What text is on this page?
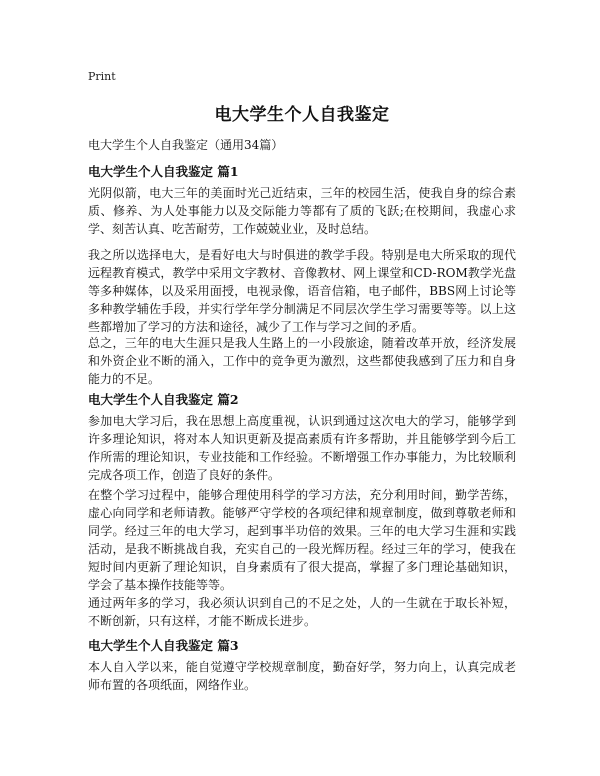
Print
电大学生个人自我鉴定
电大学生个人自我鉴定（通用34篇）
电大学生个人自我鉴定 篇1

光阴似箭，电大三年的美面时光己近结束，三年的校园生活，使我自身的综合素质、修养、为人处事能力以及交际能力等都有了质的飞跃;在校期间，我虚心求学、刻苦认真、吃苦耐劳，工作兢兢业业，及时总结。

我之所以选择电大，是看好电大与时俱进的教学手段。特别是电大所采取的现代远程教育模式，教学中采用文字教材、音像教材、网上课堂和CD-ROM教学光盘等多种媒体，以及采用面授，电视录像，语音信箱，电子邮件，BBS网上讨论等多种教学辅佐手段，并实行学年学分制满足不同层次学生学习需要等等。以上这些都增加了学习的方法和途径，减少了工作与学习之间的矛盾。

总之，三年的电大生涯只是我人生路上的一小段旅途，随着改革开放，经济发展和外资企业不断的涌入，工作中的竞争更为激烈，这些都使我感到了压力和自身能力的不足。

电大学生个人自我鉴定 篇2

参加电大学习后，我在思想上高度重视，认识到通过这次电大的学习，能够学到许多理论知识，将对本人知识更新及提高素质有许多帮助，并且能够学到今后工作所需的理论知识，专业技能和工作经验。不断增强工作办事能力，为比较顺利完成各项工作，创造了良好的条件。

在整个学习过程中，能够合理使用科学的学习方法，充分利用时间，勤学苦练，虚心向同学和老师请教。能够严守学校的各项纪律和规章制度，做到尊敬老师和同学。经过三年的电大学习，起到事半功倍的效果。三年的电大学习生涯和实践活动，是我不断挑战自我，充实自己的一段光辉历程。经过三年的学习，使我在短时间内更新了理论知识，自身素质有了很大提高，掌握了多门理论基础知识，学会了基本操作技能等等。

通过两年多的学习，我必须认识到自己的不足之处，人的一生就在于取长补短，不断创新，只有这样，才能不断成长进步。

电大学生个人自我鉴定 篇3

本人自入学以来，能自觉遵守学校规章制度，勤奋好学，努力向上，认真完成老师布置的各项纸面，网络作业。
